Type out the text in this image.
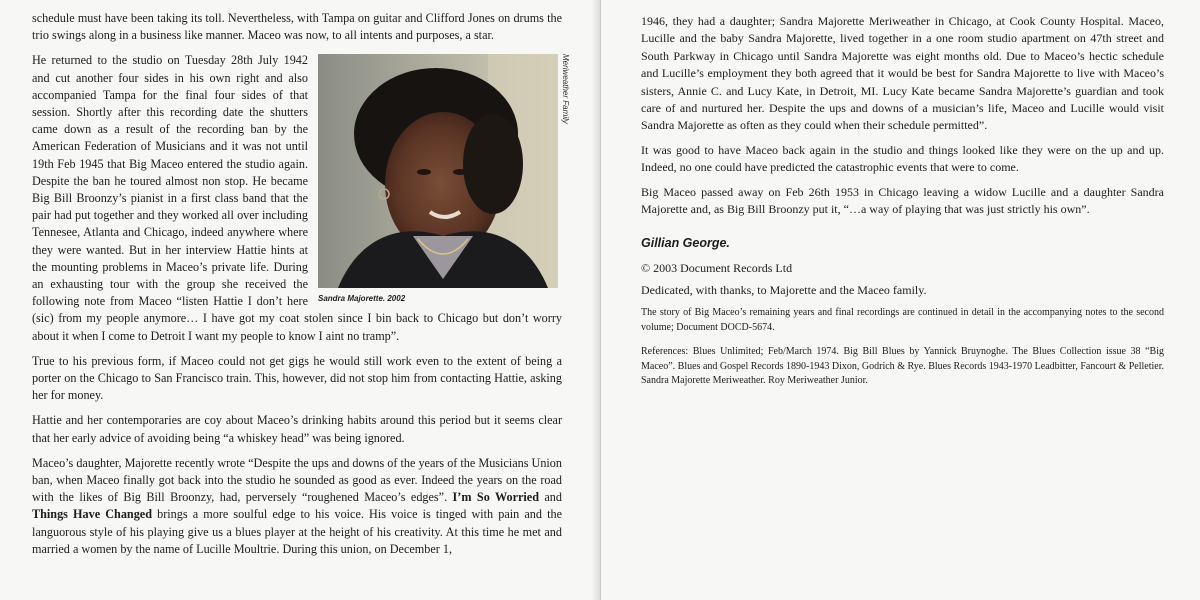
schedule must have been taking its toll. Nevertheless, with Tampa on guitar and Clifford Jones on drums the trio swings along in a business like manner. Maceo was now, to all intents and purposes, a star.

Meriweather Family
Sandra Majorette. 2002
He returned to the studio on Tuesday 28th July 1942 and cut another four sides in his own right and also accompanied Tampa for the final four sides of that session. Shortly after this recording date the shutters came down as a result of the recording ban by the American Federation of Musicians and it was not until 19th Feb 1945 that Big Maceo entered the studio again. Despite the ban he toured almost non stop. He became Big Bill Broonzy’s pianist in a first class band that the pair had put together and they worked all over including Tennesee, Atlanta and Chicago, indeed anywhere where they were wanted. But in her interview Hattie hints at the mounting problems in Maceo’s private life. During an exhausting tour with the group she received the following note from Maceo “listen Hattie I don’t here (sic) from my people anymore… I have got my coat stolen since I bin back to Chicago but don’t worry about it when I come to Detroit I want my people to know I aint no tramp”.

True to his previous form, if Maceo could not get gigs he would still work even to the extent of being a porter on the Chicago to San Francisco train. This, however, did not stop him from contacting Hattie, asking her for money.

Hattie and her contemporaries are coy about Maceo’s drinking habits around this period but it seems clear that her early advice of avoiding being “a whiskey head” was being ignored.

Maceo’s daughter, Majorette recently wrote “Despite the ups and downs of the years of the Musicians Union ban, when Maceo finally got back into the studio he sounded as good as ever. Indeed the years on the road with the likes of Big Bill Broonzy, had, perversely “roughened Maceo’s edges”. I’m So Worried and Things Have Changed brings a more soulful edge to his voice. His voice is tinged with pain and the languorous style of his playing give us a blues player at the height of his creativity. At this time he met and married a women by the name of Lucille Moultrie. During this union, on December 1,

1946, they had a daughter; Sandra Majorette Meriweather in Chicago, at Cook County Hospital. Maceo, Lucille and the baby Sandra Majorette, lived together in a one room studio apartment on 47th street and South Parkway in Chicago until Sandra Majorette was eight months old. Due to Maceo’s hectic schedule and Lucille’s employment they both agreed that it would be best for Sandra Majorette to live with Maceo’s sisters, Annie C. and Lucy Kate, in Detroit, MI. Lucy Kate became Sandra Majorette’s guardian and took care of and nurtured her. Despite the ups and downs of a musician’s life, Maceo and Lucille would visit Sandra Majorette as often as they could when their schedule permitted”.

It was good to have Maceo back again in the studio and things looked like they were on the up and up. Indeed, no one could have predicted the catastrophic events that were to come.

Big Maceo passed away on Feb 26th 1953 in Chicago leaving a widow Lucille and a daughter Sandra Majorette and, as Big Bill Broonzy put it, “…a way of playing that was just strictly his own”.

Gillian George.

© 2003 Document Records Ltd

Dedicated, with thanks, to Majorette and the Maceo family.

The story of Big Maceo’s remaining years and final recordings are continued in detail in the accompanying notes to the second volume; Document DOCD-5674.

References: Blues Unlimited; Feb/March 1974. Big Bill Blues by Yannick Bruynoghe. The Blues Collection issue 38 “Big Maceo”. Blues and Gospel Records 1890-1943 Dixon, Godrich & Rye. Blues Records 1943-1970 Leadbitter, Fancourt & Pelletier. Sandra Majorette Meriweather. Roy Meriweather Junior.
